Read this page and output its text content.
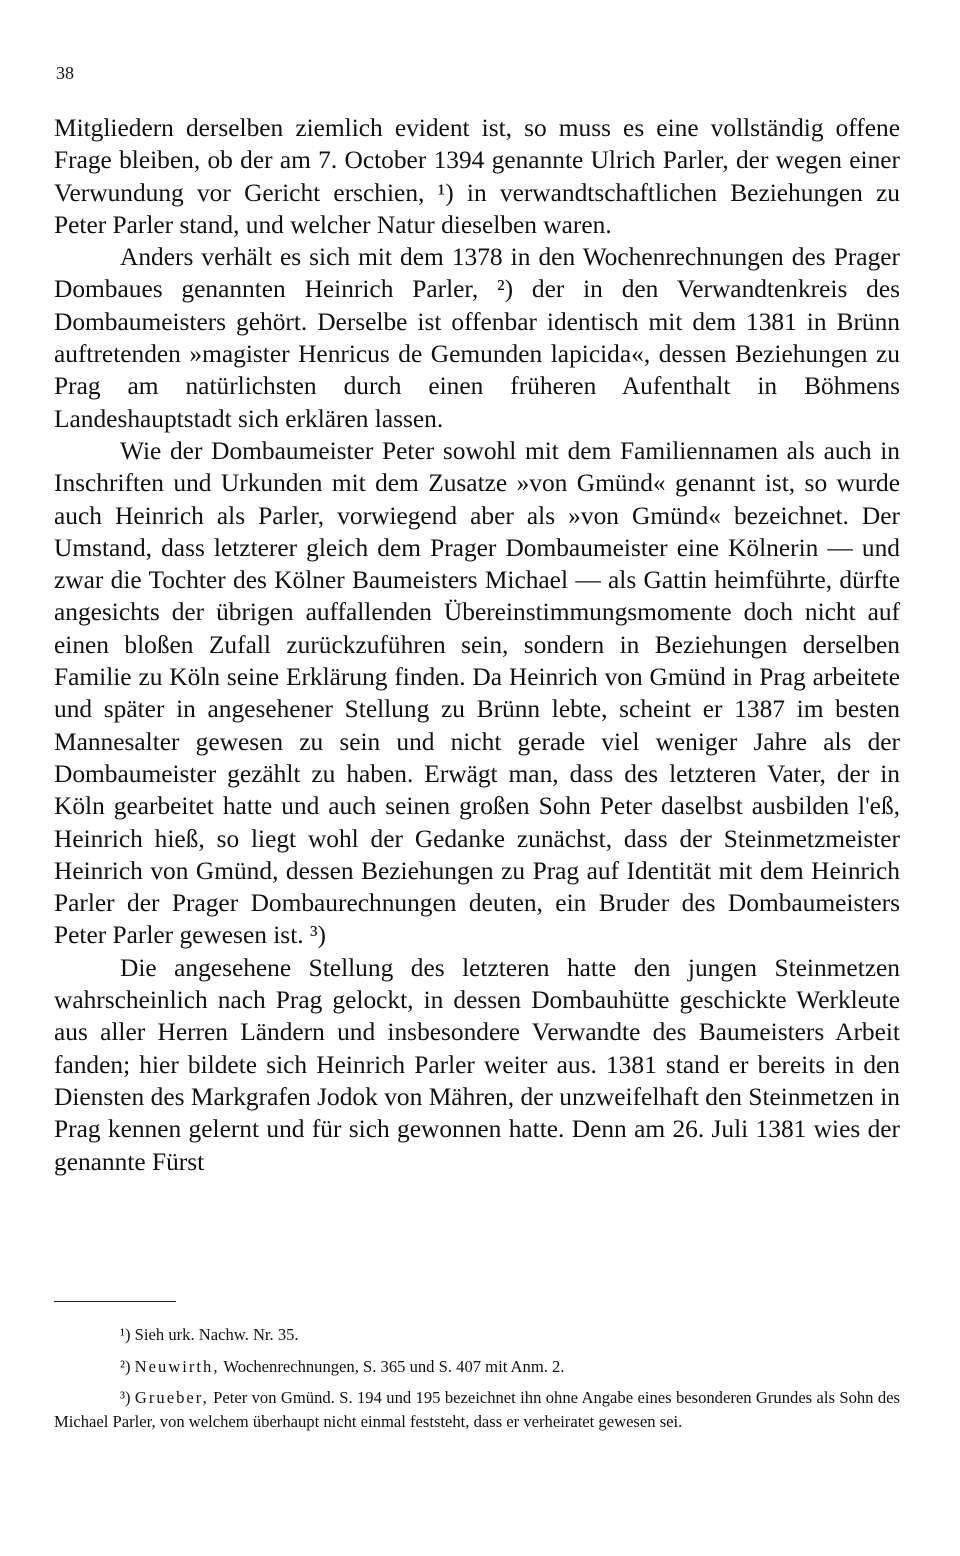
38

Mitgliedern derselben ziemlich evident ist, so muss es eine vollständig offene Frage bleiben, ob der am 7. October 1394 genannte Ulrich Parler, der wegen einer Verwundung vor Gericht erschien, ¹) in verwandtschaftlichen Beziehungen zu Peter Parler stand, und welcher Natur dieselben waren.

Anders verhält es sich mit dem 1378 in den Wochenrechnungen des Prager Dombaues genannten Heinrich Parler, ²) der in den Verwandtenkreis des Dombaumeisters gehört. Derselbe ist offenbar identisch mit dem 1381 in Brünn auftretenden »magister Henricus de Gemunden lapicida«, dessen Beziehungen zu Prag am natürlichsten durch einen früheren Aufenthalt in Böhmens Landeshauptstadt sich erklären lassen.

Wie der Dombaumeister Peter sowohl mit dem Familiennamen als auch in Inschriften und Urkunden mit dem Zusatze »von Gmünd« genannt ist, so wurde auch Heinrich als Parler, vorwiegend aber als »von Gmünd« bezeichnet. Der Umstand, dass letzterer gleich dem Prager Dombaumeister eine Kölnerin — und zwar die Tochter des Kölner Baumeisters Michael — als Gattin heimführte, dürfte angesichts der übrigen auffallenden Übereinstimmungsmomente doch nicht auf einen bloßen Zufall zurückzuführen sein, sondern in Beziehungen derselben Familie zu Köln seine Erklärung finden. Da Heinrich von Gmünd in Prag arbeitete und später in angesehener Stellung zu Brünn lebte, scheint er 1387 im besten Mannesalter gewesen zu sein und nicht gerade viel weniger Jahre als der Dombaumeister gezählt zu haben. Erwägt man, dass des letzteren Vater, der in Köln gearbeitet hatte und auch seinen großen Sohn Peter daselbst ausbilden l'eß, Heinrich hieß, so liegt wohl der Gedanke zunächst, dass der Steinmetzmeister Heinrich von Gmünd, dessen Beziehungen zu Prag auf Identität mit dem Heinrich Parler der Prager Dombaurechnungen deuten, ein Bruder des Dombaumeisters Peter Parler gewesen ist. ³)

Die angesehene Stellung des letzteren hatte den jungen Steinmetzen wahrscheinlich nach Prag gelockt, in dessen Dombauhütte geschickte Werkleute aus aller Herren Ländern und insbesondere Verwandte des Baumeisters Arbeit fanden; hier bildete sich Heinrich Parler weiter aus. 1381 stand er bereits in den Diensten des Markgrafen Jodok von Mähren, der unzweifelhaft den Steinmetzen in Prag kennen gelernt und für sich gewonnen hatte. Denn am 26. Juli 1381 wies der genannte Fürst

¹) Sieh urk. Nachw. Nr. 35.

²) Neuwirth, Wochenrechnungen, S. 365 und S. 407 mit Anm. 2.

³) Grueber, Peter von Gmünd. S. 194 und 195 bezeichnet ihn ohne Angabe eines besonderen Grundes als Sohn des Michael Parler, von welchem überhaupt nicht einmal feststeht, dass er verheiratet gewesen sei.
